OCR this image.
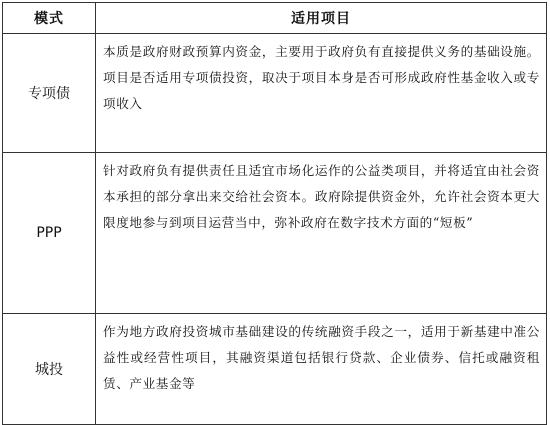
模式	适用项目
专项债	本质是政府财政预算内资金，主要用于政府负有直接提供义务的基础设施。项目是否适用专项债投资，取决于项目本身是否可形成政府性基金收入或专项收入
PPP	针对政府负有提供责任且适宜市场化运作的公益类项目，并将适宜由社会资本承担的部分拿出来交给社会资本。政府除提供资金外，允许社会资本更大限度地参与到项目运营当中，弥补政府在数字技术方面的“短板”
城投	作为地方政府投资城市基础建设的传统融资手段之一，适用于新基建中准公益性或经营性项目，其融资渠道包括银行贷款、企业债券、信托或融资租赁、产业基金等
